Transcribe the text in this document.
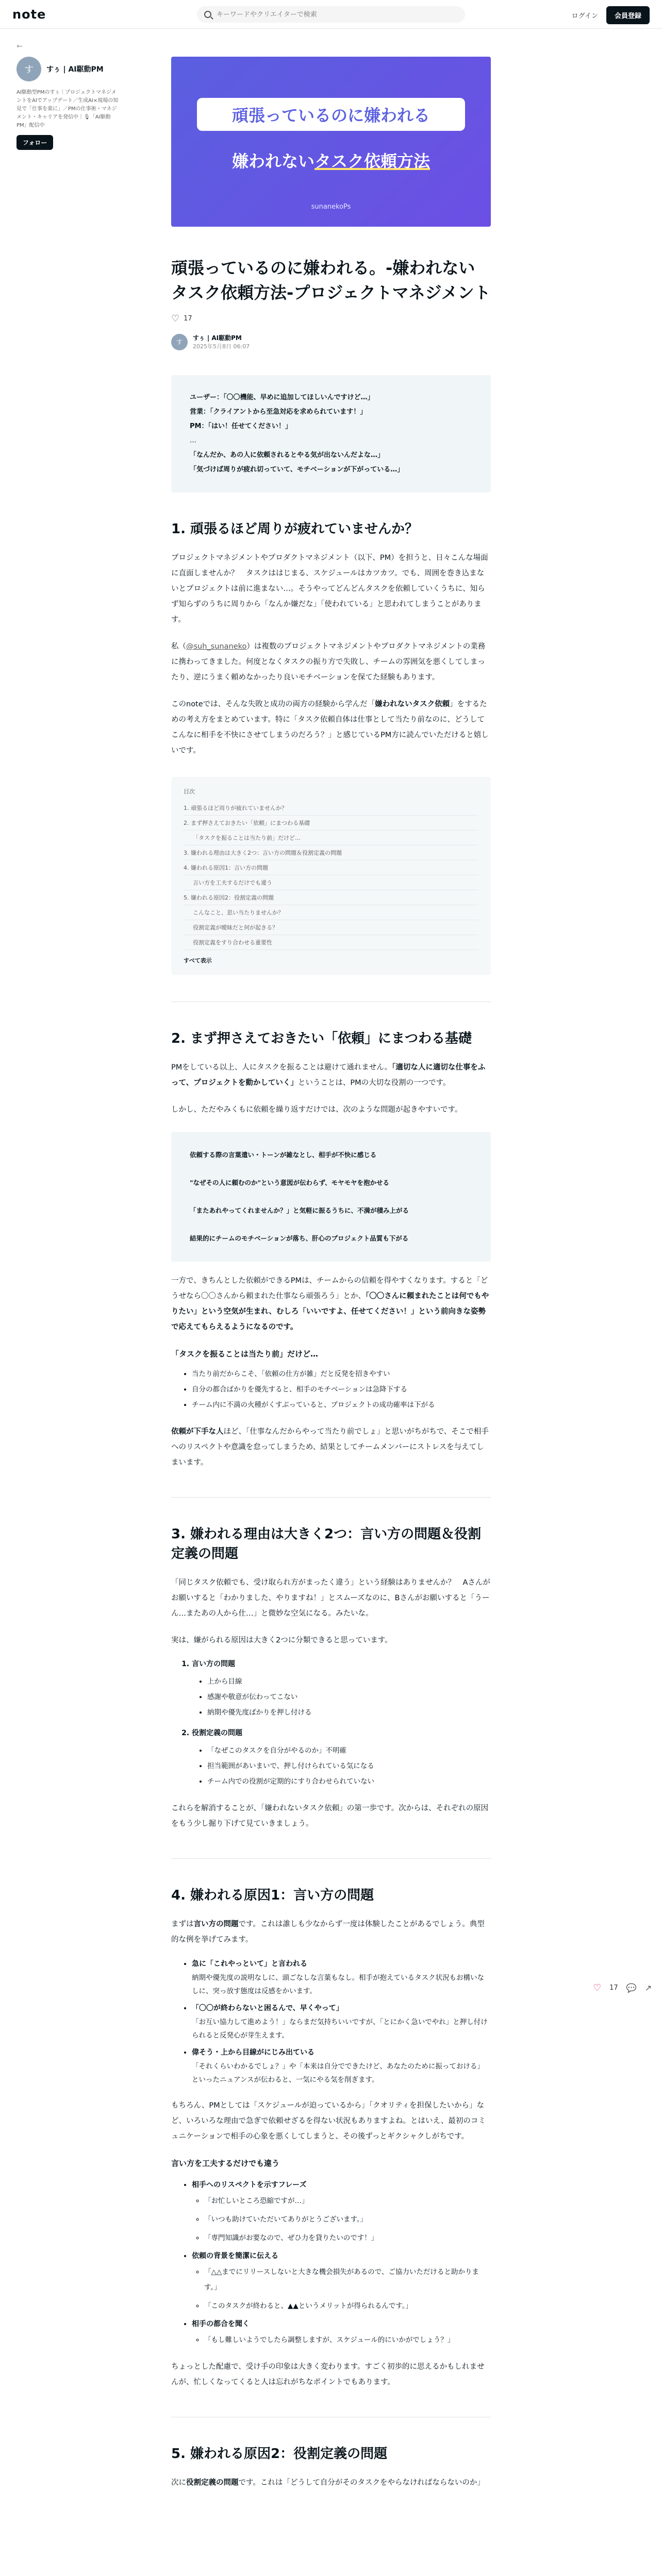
note
キーワードやクリエイターで検索	ログイン	会員登録
←
す	すぅ | AI駆動PM
AI駆動型PMのすぅ｜プロジェクトマネジメントをAIでアップデート／生成AI×現場の知見で「仕事を楽に」／PMの仕事術・マネジメント・キャリアを発信中｜🎙「AI駆動PM」配信中
フォロー
頑張っているのに嫌われる
嫌われないタスク依頼方法
sunanekoPs
頑張っているのに嫌われる。-嫌われないタスク依頼方法-プロジェクトマネジメント
♡ 17
す
すぅ | AI駆動PM
2025年5月8日 06:07

ユーザー：「〇〇機能、早めに追加してほしいんですけど…」

営業：「クライアントから至急対応を求められています！」

PM：「はい！任せてください！」

…

「なんだか、あの人に依頼されるとやる気が出ないんだよな…」

「気づけば周りが疲れ切っていて、モチベーションが下がっている…」

1. 頑張るほど周りが疲れていませんか？

プロジェクトマネジメントやプロダクトマネジメント（以下、PM）を担うと、日々こんな場面に直面しませんか？　タスクははじまる、スケジュールはカツカツ。でも、周囲を巻き込まないとプロジェクトは前に進まない…。そうやってどんどんタスクを依頼していくうちに、知らず知らずのうちに周りから「なんか嫌だな」「使われている」と思われてしまうことがあります。

私（@suh_sunaneko）は複数のプロジェクトマネジメントやプロダクトマネジメントの業務に携わってきました。何度となくタスクの振り方で失敗し、チームの雰囲気を悪くしてしまったり、逆にうまく頼めなかったり良いモチベーションを保てた経験もあります。

このnoteでは、そんな失敗と成功の両方の経験から学んだ「嫌われないタスク依頼」をするための考え方をまとめています。特に「タスク依頼自体は仕事として当たり前なのに、どうしてこんなに相手を不快にさせてしまうのだろう？」と感じているPM方に読んでいただけると嬉しいです。

目次
1. 頑張るほど周りが疲れていませんか？
2. まず押さえておきたい「依頼」にまつわる基礎
「タスクを振ることは当たり前」だけど…
3. 嫌われる理由は大きく2つ：言い方の問題＆役割定義の問題
4. 嫌われる原因1：言い方の問題
言い方を工夫するだけでも違う
5. 嫌われる原因2：役割定義の問題
こんなこと、思い当たりませんか？
役割定義が曖昧だと何が起きる？
役割定義をすり合わせる重要性
すべて表示
2. まず押さえておきたい「依頼」にまつわる基礎

PMをしている以上、人にタスクを振ることは避けて通れません。「適切な人に適切な仕事をふって、プロジェクトを動かしていく」ということは、PMの大切な役割の一つです。

しかし、ただやみくもに依頼を繰り返すだけでは、次のような問題が起きやすいです。

依頼する際の言葉遣い・トーンが雑なとし、相手が不快に感じる

"なぜその人に頼むのか"という意図が伝わらず、モヤモヤを抱かせる

「またあれやってくれませんか？」と気軽に振るうちに、不満が積み上がる

結果的にチームのモチベーションが落ち、肝心のプロジェクト品質も下がる

一方で、きちんとした依頼ができるPMは、チームからの信頼を得やすくなります。すると「どうせなら〇〇さんから頼まれた仕事なら頑張ろう」とか、「〇〇さんに頼まれたことは何でもやりたい」という空気が生まれ、むしろ「いいですよ、任せてください！」という前向きな姿勢で応えてもらえるようになるのです。

「タスクを振ることは当たり前」だけど…
• 当たり前だからこそ、「依頼の仕方が雑」だと反発を招きやすい
• 自分の都合ばかりを優先すると、相手のモチベーションは急降下する
• チーム内に不満の火種がくすぶっていると、プロジェクトの成功確率は下がる

依頼が下手な人ほど、「仕事なんだからやって当たり前でしょ」と思いがちがちで、そこで相手へのリスペクトや意識を怠ってしまうため、結果としてチームメンバーにストレスを与えてしまいます。

3. 嫌われる理由は大きく2つ：言い方の問題＆役割定義の問題

「同じタスク依頼でも、受け取られ方がまったく違う」という経験はありませんか？　Aさんがお願いすると「わかりました、やりますね！」とスムーズなのに、Bさんがお願いすると「うーん…またあの人から仕…」と微妙な空気になる。みたいな。

実は、嫌がられる原因は大きく2つに分類できると思っています。

1. 言い方の問題
• 上から目線
• 感謝や敬意が伝わってこない
• 納期や優先度ばかりを押し付ける
2. 役割定義の問題
• 「なぜこのタスクを自分がやるのか」不明確
• 担当範囲があいまいで、押し付けられている気になる
• チーム内での役割が定期的にすり合わせられていない

これらを解消することが、「嫌われないタスク依頼」の第一歩です。次からは、それぞれの原因をもう少し掘り下げて見ていきましょう。

4. 嫌われる原因1：言い方の問題

まずは言い方の問題です。これは誰しも少なからず一度は体験したことがあるでしょう。典型的な例を挙げてみます。

• 急に「これやっといて」と言われる
納期や優先度の説明なしに、頭ごなしな言葉もなし。相手が抱えているタスク状況もお構いなしに、突っ放す態度は反感をかいます。
• 「〇〇が終わらないと困るんで、早くやって」
「お互い協力して進めよう！」ならまだ気持ちいいですが、「とにかく急いでやれ」と押し付けられると反発心が芽生えます。
• 偉そう・上から目線がにじみ出ている
「それくらいわかるでしょ？」や「本来は自分でできたけど、あなたのために振っておける」といったニュアンスが伝わると、一気にやる気を削ぎます。

もちろん、PMとしては「スケジュールが迫っているから」「クオリティを担保したいから」など、いろいろな理由で急ぎで依頼せざるを得ない状況もありますよね。とはいえ、最初のコミュニケーションで相手の心象を悪くしてしまうと、その後ずっとギクシャクしがちです。

言い方を工夫するだけでも違う
• 相手へのリスペクトを示すフレーズ
◦ 「お忙しいところ恐縮ですが…」
◦ 「いつも助けていただいてありがとうございます。」
◦ 「専門知識がお要なので、ぜひ力を貸りたいのです！」
• 依頼の背景を簡潔に伝える
◦ 「△△までにリリースしないと大きな機会損失があるので、ご協力いただけると助かります。」
◦ 「このタスクが終わると、▲▲というメリットが得られるんです。」
• 相手の都合を聞く
◦ 「もし難しいようでしたら調整しますが、スケジュール的にいかがでしょう？」

ちょっとした配慮で、受け手の印象は大きく変わります。すごく初歩的に思えるかもしれませんが、忙しくなってくると人は忘れがちなポイントでもあります。

5. 嫌われる原因2：役割定義の問題

次に役割定義の問題です。これは「どうして自分がそのタスクをやらなければならないのか」

♡ 17 💬 ↗
